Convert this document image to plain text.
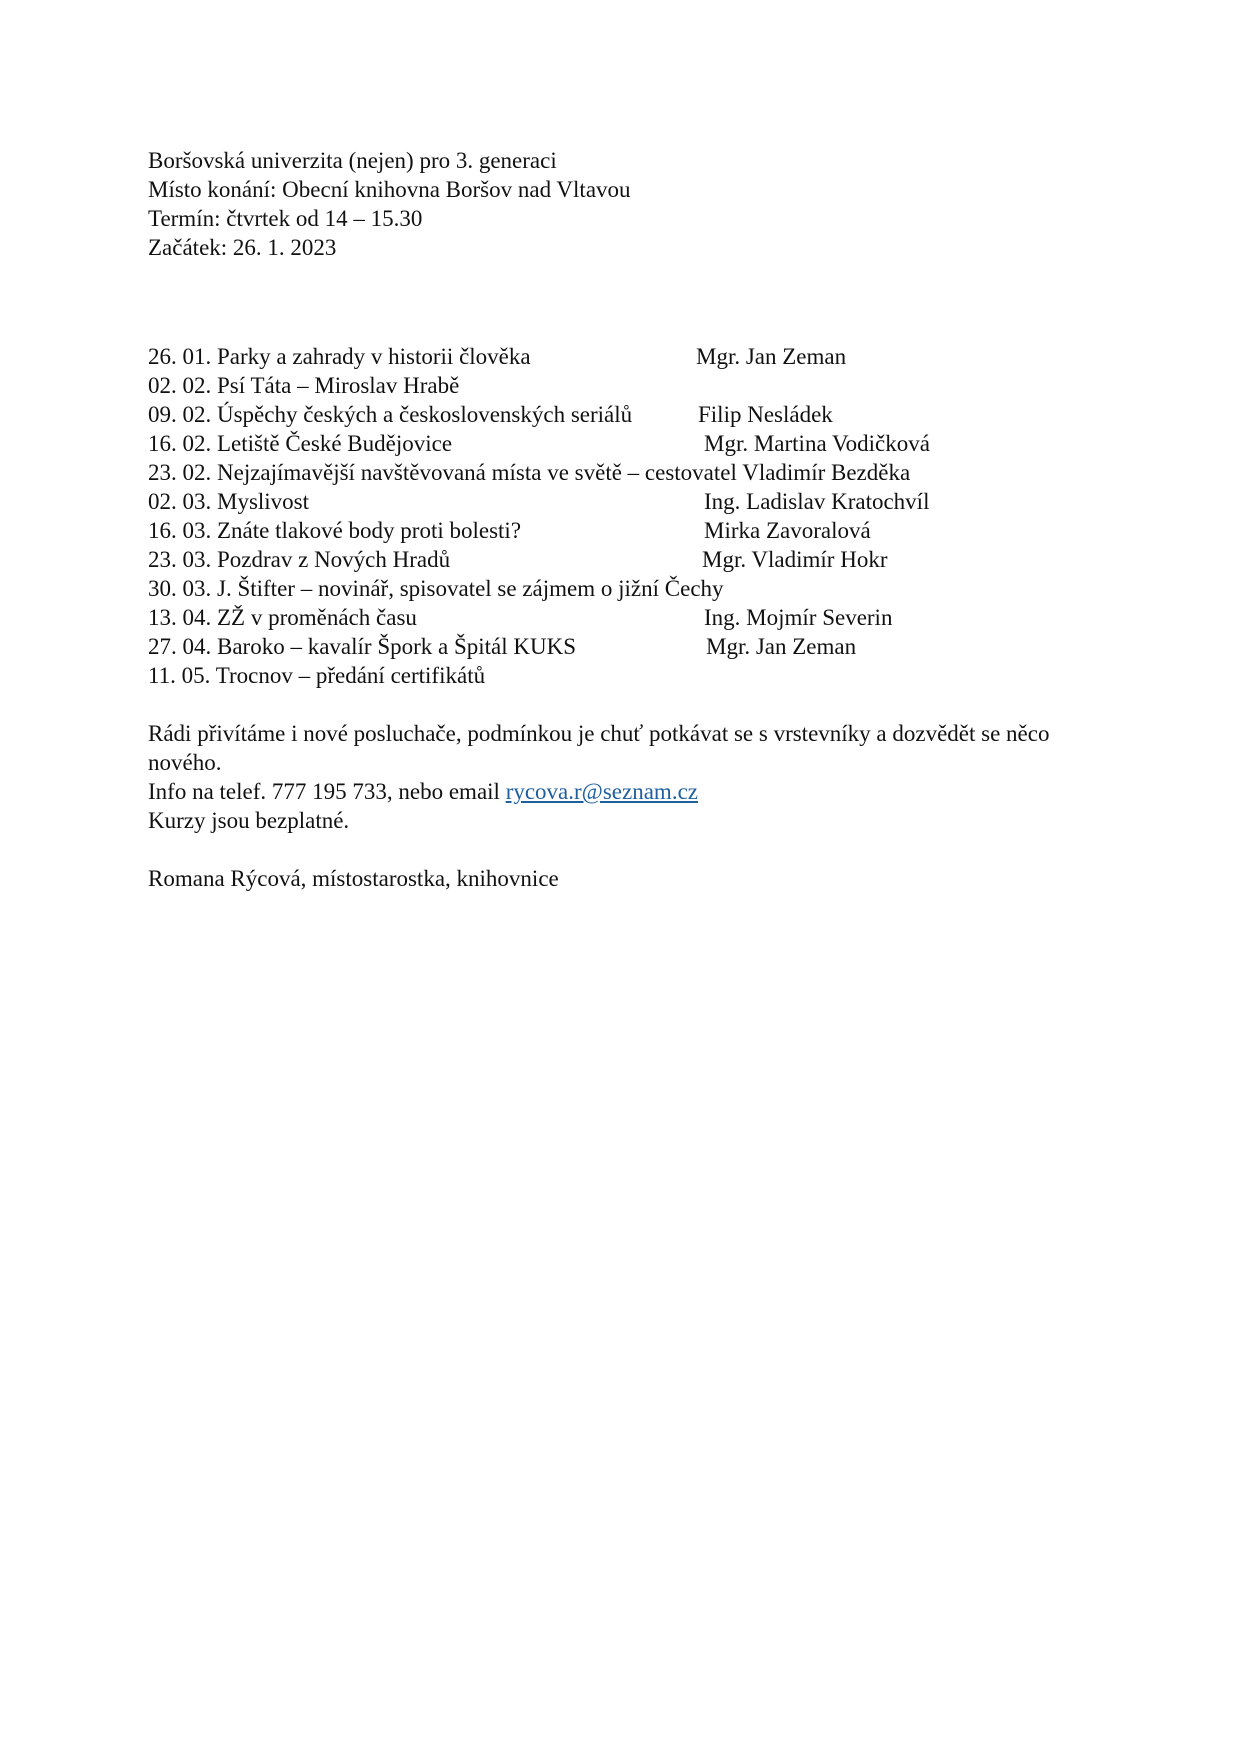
Boršovská univerzita (nejen) pro 3. generaci
Místo konání: Obecní knihovna Boršov nad Vltavou
Termín: čtvrtek od 14 – 15.30
Začátek: 26. 1. 2023
26. 01. Parky a zahrady v historii člověka	Mgr. Jan Zeman
02. 02. Psí Táta – Miroslav Hrabě
09. 02. Úspěchy českých a československých seriálů	Filip Nesládek
16. 02. Letiště České Budějovice	Mgr. Martina Vodičková
23. 02. Nejzajímavější navštěvovaná místa ve světě – cestovatel Vladimír Bezděka
02. 03. Myslivost	Ing. Ladislav Kratochvíl
16. 03. Znáte tlakové body proti bolesti?	Mirka Zavoralová
23. 03. Pozdrav z Nových Hradů	Mgr. Vladimír Hokr
30. 03. J. Štifter – novinář, spisovatel se zájmem o jižní Čechy
13. 04. ZŽ v proměnách času	Ing. Mojmír Severin
27. 04. Baroko – kavalír Špork a Špitál KUKS	Mgr. Jan Zeman
11. 05. Trocnov – předání certifikátů
Rádi přivítáme i nové posluchače, podmínkou je chuť potkávat se s vrstevníky a dozvědět se něco nového.
Info na telef. 777 195 733, nebo email rycova.r@seznam.cz
Kurzy jsou bezplatné.
Romana Rýcová, místostarostka, knihovnice
